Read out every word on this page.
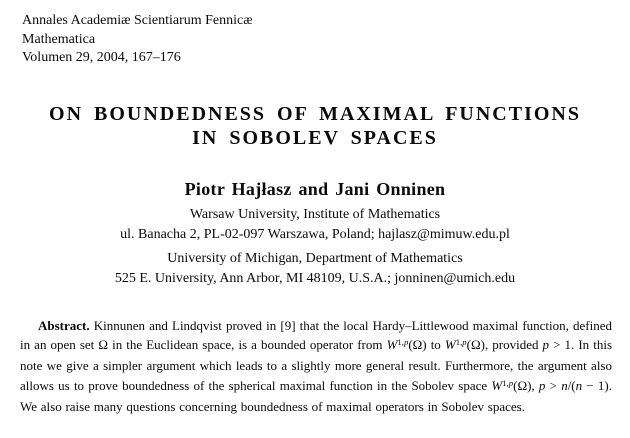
Annales Academiæ Scientiarum Fennicæ
Mathematica
Volumen 29, 2004, 167–176
ON BOUNDEDNESS OF MAXIMAL FUNCTIONS
IN SOBOLEV SPACES
Piotr Hajłasz and Jani Onninen
Warsaw University, Institute of Mathematics
ul. Banacha 2, PL-02-097 Warszawa, Poland; hajlasz@mimuw.edu.pl
University of Michigan, Department of Mathematics
525 E. University, Ann Arbor, MI 48109, U.S.A.; jonninen@umich.edu

Abstract. Kinnunen and Lindqvist proved in [9] that the local Hardy–Littlewood maximal function, defined in an open set Ω in the Euclidean space, is a bounded operator from W$^{1,p}$(Ω) to W$^{1,p}$(Ω), provided p > 1. In this note we give a simpler argument which leads to a slightly more general result. Furthermore, the argument also allows us to prove boundedness of the spherical maximal function in the Sobolev space W$^{1,p}$(Ω), p > n/(n − 1). We also raise many questions concerning boundedness of maximal operators in Sobolev spaces.
